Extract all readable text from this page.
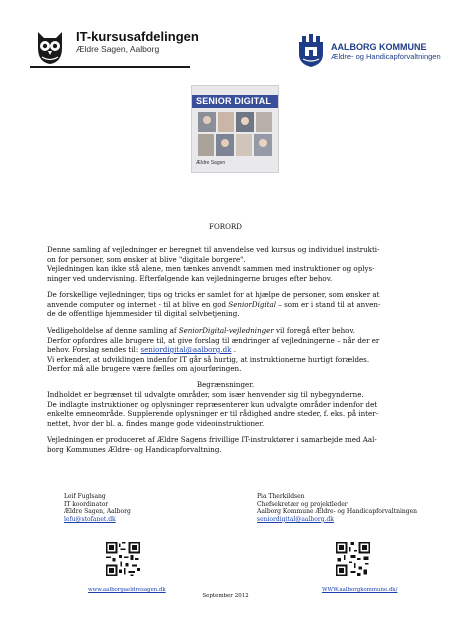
IT-kursusafdelingen
Ældre Sagen, Aalborg	AALBORG KOMMUNE
Ældre- og Handicapforvaltningen
SENIOR DIGITAL
Ældre Sagen
FORORD
Denne samling af vejledninger er beregnet til anvendelse ved kursus og individuel instrukti-
on for personer, som ønsker at blive "digitale borgere".
Vejledningen kan ikke stå alene, men tænkes anvendt sammen med instruktioner og oplys-
ninger ved undervisning. Efterfølgende kan vejledningerne bruges efter behov.
De forskellige vejledninger, tips og tricks er samlet for at hjælpe de personer, som ønsker at
anvende computer og internet - til at blive en god SeniorDigital – som er i stand til at anven-
de de offentlige hjemmesider til digital selvbetjening.
Vedligeholdelse af denne samling af SeniorDigital-vejledninger vil foregå efter behov.
Derfor opfordres alle brugere til, at give forslag til ændringer af vejledningerne – når der er
behov. Forslag sendes til: seniordigital@aalborg.dk .
Vi erkender, at udviklingen indenfor IT går så hurtig, at instruktionerne hurtigt forældes.
Derfor må alle brugere være fælles om ajourføringen.
Begrænsninger.
Indholdet er begrænset til udvalgte områder, som især henvender sig til nybegynderne.
De indlagte instruktioner og oplysninger repræsenterer kun udvalgte områder indenfor det
enkelte emneområde. Supplerende oplysninger er til rådighed andre steder, f. eks. på inter-
nettet, hvor der bl. a. findes mange gode videoinstruktioner.
Vejledningen er produceret af Ældre Sagens frivillige IT-instruktører i samarbejde med Aal-
borg Kommunes Ældre- og Handicapforvaltning.
Leif Fuglsang
IT koordinator
Ældre Sagen, Aalborg
lefu@stofanet.dk
Pia Therkildsen
Chefsekretær og projektleder
Aalborg Kommune Ældre- og Handicapforvaltningen
seniordigital@aalborg.dk
www.aalborgaeldresagen.dk	WWW.aalborgkommune.dk/
September 2012
